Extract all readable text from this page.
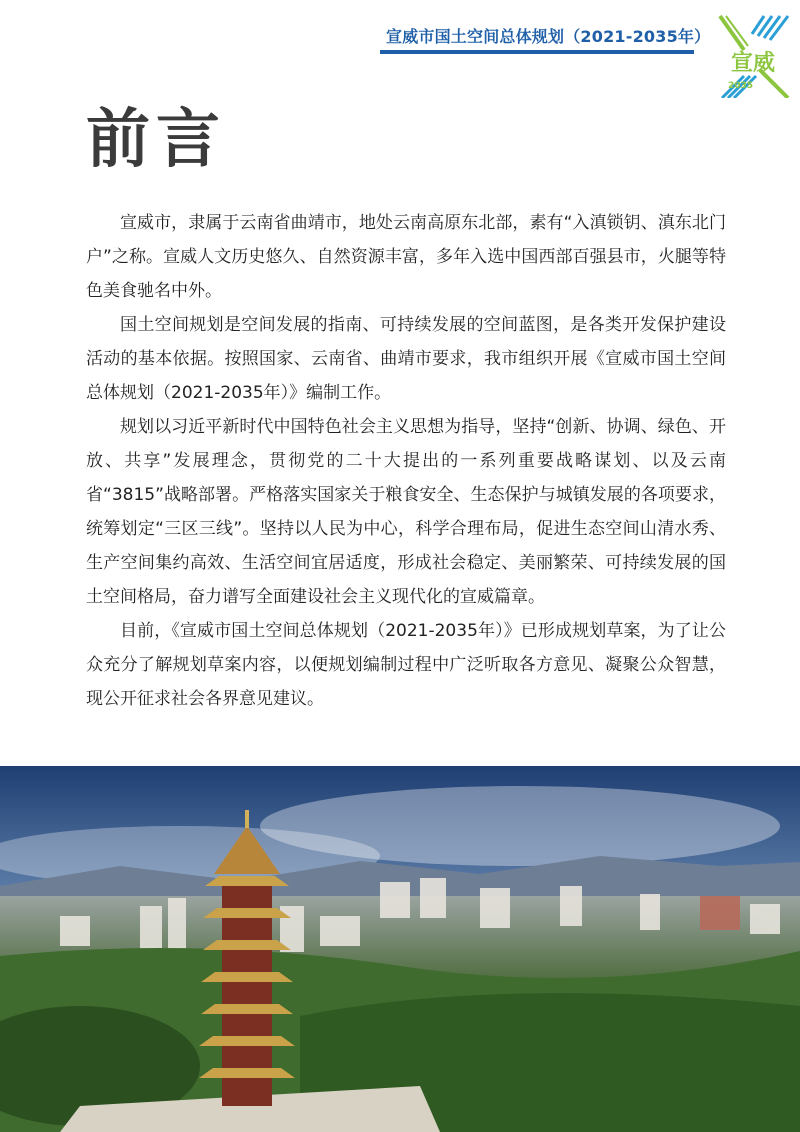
宣威市国土空间总体规划（2021-2035年）
宣威
2035
前言

宣威市，隶属于云南省曲靖市，地处云南高原东北部，素有“入滇锁钥、滇东北门户”之称。宣威人文历史悠久、自然资源丰富，多年入选中国西部百强县市，火腿等特色美食驰名中外。

国土空间规划是空间发展的指南、可持续发展的空间蓝图，是各类开发保护建设活动的基本依据。按照国家、云南省、曲靖市要求，我市组织开展《宣威市国土空间总体规划（2021-2035年）》编制工作。

规划以习近平新时代中国特色社会主义思想为指导，坚持“创新、协调、绿色、开放、共享”发展理念，贯彻党的二十大提出的一系列重要战略谋划、以及云南省“3815”战略部署。严格落实国家关于粮食安全、生态保护与城镇发展的各项要求，统筹划定“三区三线”。坚持以人民为中心，科学合理布局，促进生态空间山清水秀、生产空间集约高效、生活空间宜居适度，形成社会稳定、美丽繁荣、可持续发展的国土空间格局，奋力谱写全面建设社会主义现代化的宣威篇章。

目前，《宣威市国土空间总体规划（2021-2035年）》已形成规划草案，为了让公众充分了解规划草案内容，以便规划编制过程中广泛听取各方意见、凝聚公众智慧，现公开征求社会各界意见建议。
